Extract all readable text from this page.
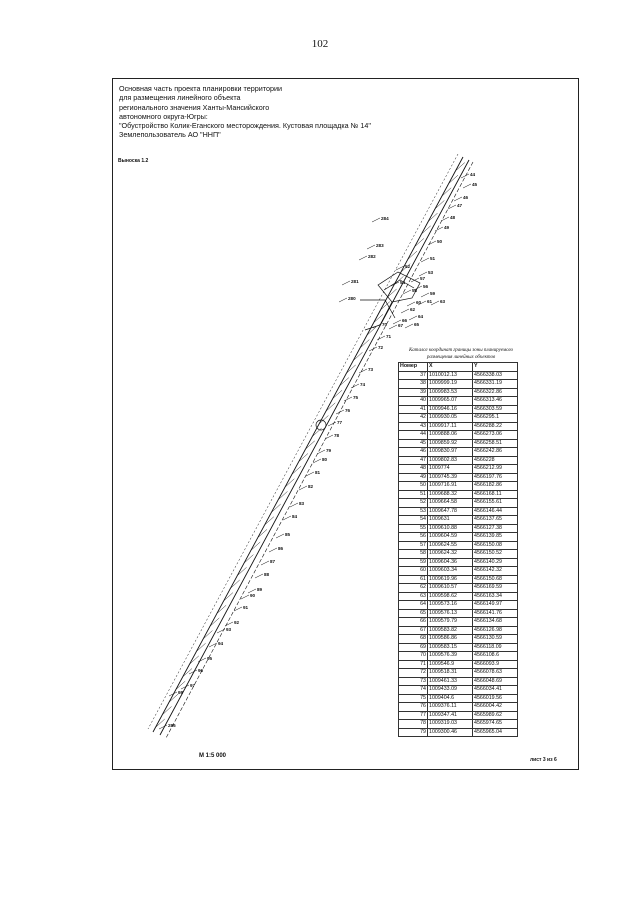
102
Основная часть проекта планировки территории
для размещения линейного объекта
регионального значения Ханты-Мансийского
автономного округа-Югры:
"Обустройство Колик-Еганского месторождения. Кустовая площадка № 14"
Землепользователь АО "ННП"
Выноска 1.2
44
45
46
47
48
49
50
51
52
53
54
57
56
58
59
60 61 63
62
64
66
67 65
70
71
72
73
74
75
76
77
78
79
80
81
82
83
84
85
86
87
88
89
90
91
92
93
94
95
96
97
98
286
284
283
282
281
280
Каталог координат границы зоны планируемого
размещения линейных объектов
Номер	X	Y
37	1010012.13	4566338.03
38	1009999.19	4566331.19
39	1009983.53	4566322.86
40	1009965.07	4566313.46
41	1009946.16	4566303.59
42	1009930.05	4566295.1
43	1009917.11	4566288.22
44	1009888.06	4566273.06
45	1009859.92	4566258.51
46	1009830.97	4566242.86
47	1009802.83	4566228
48	1009774	4566212.99
49	1009745.39	4566197.76
50	1009716.91	4566182.86
51	1009688.32	4566168.11
52	1009664.58	4566155.61
53	1009647.78	4566146.44
54	1009631	4566137.65
55	1009610.88	4566127.38
56	1009604.59	4566139.85
57	1009624.55	4566150.08
58	1009624.32	4566150.52
59	1009604.36	4566140.29
60	1009603.34	4566142.32
61	1009619.96	4566150.68
62	1009610.57	4566169.59
63	1009598.62	4566163.34
64	1009573.16	4566149.97
65	1009576.13	4566141.76
66	1009579.79	4566134.68
67	1009583.82	4566126.98
68	1009586.86	4566130.59
69	1009583.15	4566118.09
70	1009576.39	4566108.6
71	1009546.9	4566093.9
72	1009518.31	4566078.63
73	1009461.33	4566048.69
74	1009433.09	4566034.41
75	1009404.6	4566019.56
76	1009376.11	4566004.42
77	1009347.41	4565989.62
78	1009319.03	4565974.65
79	1009300.46	4565965.04
М 1:5 000
лист 3 из 6
